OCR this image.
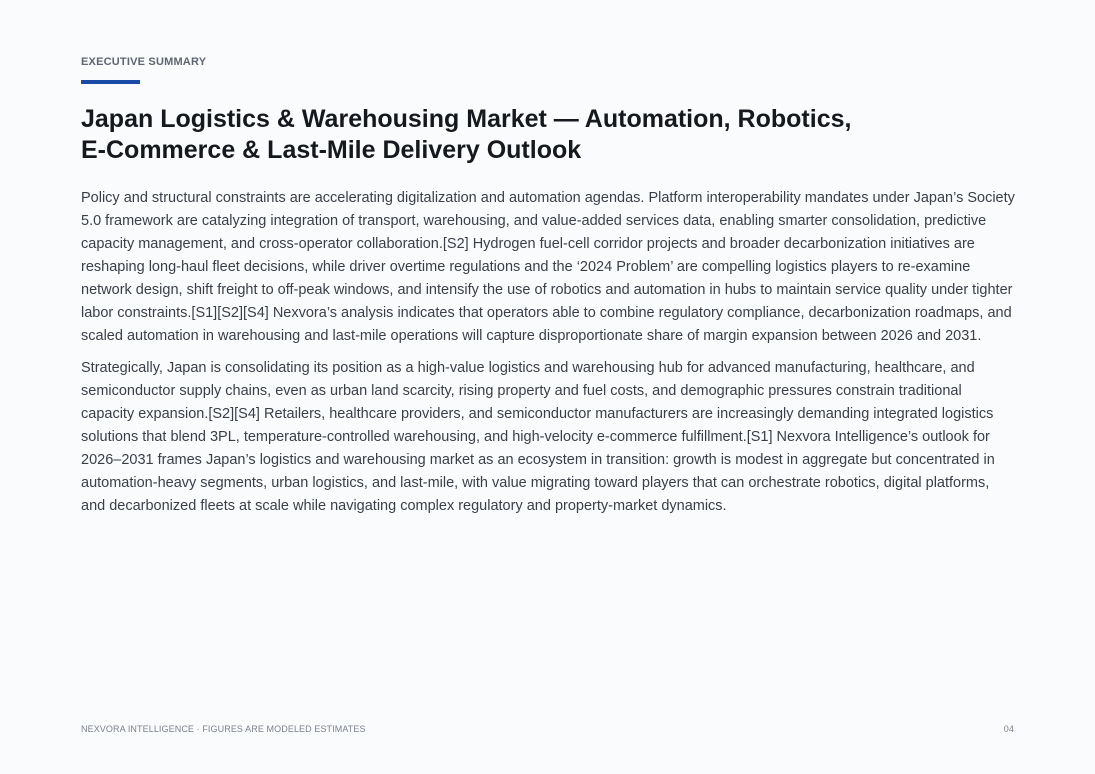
EXECUTIVE SUMMARY
Japan Logistics & Warehousing Market — Automation, Robotics,
E-Commerce & Last-Mile Delivery Outlook

Policy and structural constraints are accelerating digitalization and automation agendas. Platform interoperability mandates under Japan’s Society 5.0 framework are catalyzing integration of transport, warehousing, and value-added services data, enabling smarter consolidation, predictive capacity management, and cross-operator collaboration.[S2] Hydrogen fuel-cell corridor projects and broader decarbonization initiatives are reshaping long-haul fleet decisions, while driver overtime regulations and the ‘2024 Problem’ are compelling logistics players to re-examine network design, shift freight to off-peak windows, and intensify the use of robotics and automation in hubs to maintain service quality under tighter labor constraints.[S1][S2][S4] Nexvora’s analysis indicates that operators able to combine regulatory compliance, decarbonization roadmaps, and scaled automation in warehousing and last-mile operations will capture disproportionate share of margin expansion between 2026 and 2031.

Strategically, Japan is consolidating its position as a high-value logistics and warehousing hub for advanced manufacturing, healthcare, and semiconductor supply chains, even as urban land scarcity, rising property and fuel costs, and demographic pressures constrain traditional capacity expansion.[S2][S4] Retailers, healthcare providers, and semiconductor manufacturers are increasingly demanding integrated logistics solutions that blend 3PL, temperature-controlled warehousing, and high-velocity e-commerce fulfillment.[S1] Nexvora Intelligence’s outlook for 2026–2031 frames Japan’s logistics and warehousing market as an ecosystem in transition: growth is modest in aggregate but concentrated in automation-heavy segments, urban logistics, and last-mile, with value migrating toward players that can orchestrate robotics, digital platforms, and decarbonized fleets at scale while navigating complex regulatory and property-market dynamics.

NEXVORA INTELLIGENCE · FIGURES ARE MODELED ESTIMATES	04
